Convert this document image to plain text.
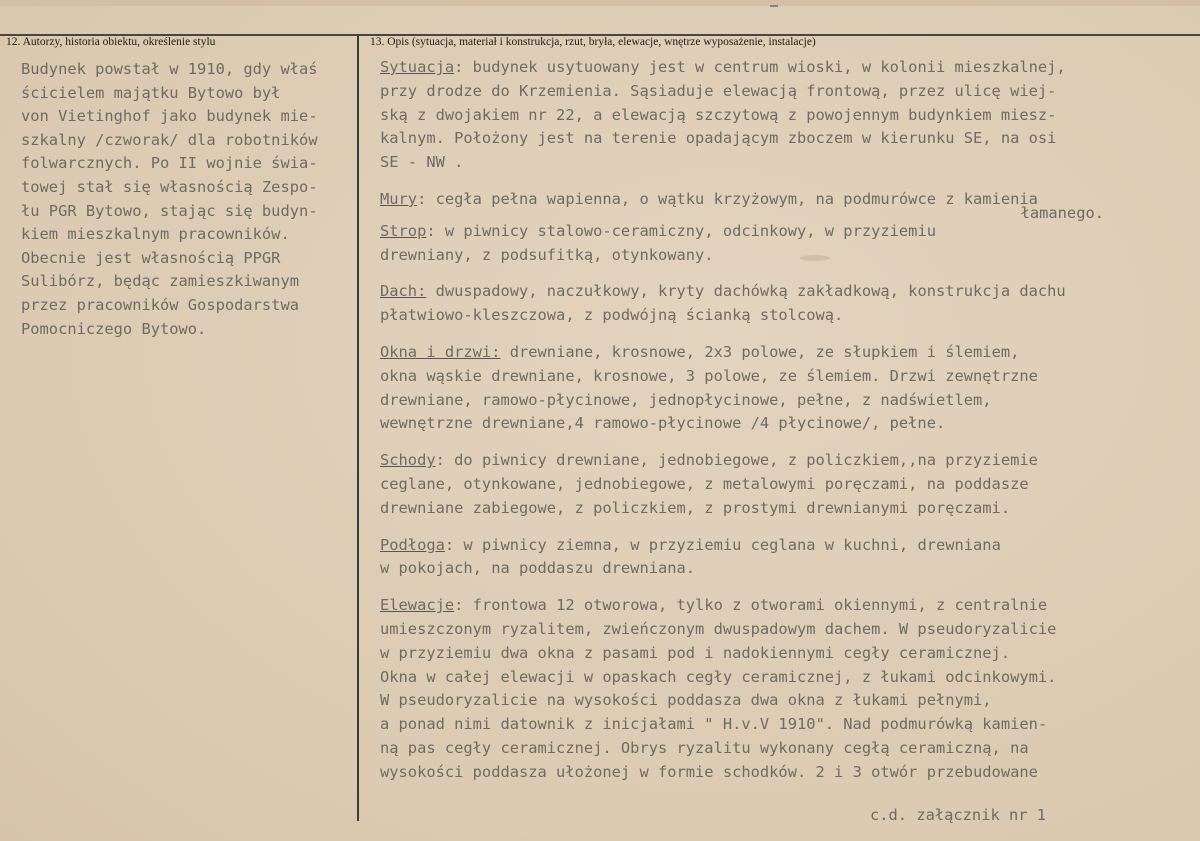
12. Autorzy, historia obiektu, określenie stylu	13. Opis (sytuacja, materiał i konstrukcja, rzut, bryła, elewacje, wnętrze wyposażenie, instalacje)
Budynek powstał w 1910, gdy właś
ścicielem majątku Bytowo był
von Vietinghof jako budynek mie-
szkalny /czworak/ dla robotników
folwarcznych. Po II wojnie świa-
towej stał się własnością Zespo-
łu PGR Bytowo, stając się budyn-
kiem mieszkalnym pracowników.
Obecnie jest własnością PPGR
Sulibórz, będąc zamieszkiwanym
przez pracowników Gospodarstwa
Pomocniczego Bytowo.
Sytuacja: budynek usytuowany jest w centrum wioski, w kolonii mieszkalnej,
przy drodze do Krzemienia. Sąsiaduje elewacją frontową, przez ulicę wiej-
ską z dwojakiem nr 22, a elewacją szczytową z powojennym budynkiem miesz-
kalnym. Położony jest na terenie opadającym zboczem w kierunku SE, na osi
SE - NW .
Mury: cegła pełna wapienna, o wątku krzyżowym, na podmurówce z kamienia
łamanego.
Strop: w piwnicy stalowo-ceramiczny, odcinkowy, w przyziemiu
drewniany, z podsufitką, otynkowany.
Dach: dwuspadowy, naczułkowy, kryty dachówką zakładkową, konstrukcja dachu
płatwiowo-kleszczowa, z podwójną ścianką stolcową.
Okna i drzwi: drewniane, krosnowe, 2x3 polowe, ze słupkiem i ślemiem,
okna wąskie drewniane, krosnowe, 3 polowe, ze ślemiem. Drzwi zewnętrzne
drewniane, ramowo-płycinowe, jednopłycinowe, pełne, z nadświetlem,
wewnętrzne drewniane,4 ramowo-płycinowe /4 płycinowe/, pełne.
Schody: do piwnicy drewniane, jednobiegowe, z policzkiem,,na przyziemie
ceglane, otynkowane, jednobiegowe, z metalowymi poręczami, na poddasze
drewniane zabiegowe, z policzkiem, z prostymi drewnianymi poręczami.
Podłoga: w piwnicy ziemna, w przyziemiu ceglana w kuchni, drewniana
w pokojach, na poddaszu drewniana.
Elewacje: frontowa 12 otworowa, tylko z otworami okiennymi, z centralnie
umieszczonym ryzalitem, zwieńczonym dwuspadowym dachem. W pseudoryzalicie
w przyziemiu dwa okna z pasami pod i nadokiennymi cegły ceramicznej.
Okna w całej elewacji w opaskach cegły ceramicznej, z łukami odcinkowymi.
W pseudoryzalicie na wysokości poddasza dwa okna z łukami pełnymi,
a ponad nimi datownik z inicjałami " H.v.V 1910". Nad podmurówką kamien-
ną pas cegły ceramicznej. Obrys ryzalitu wykonany cegłą ceramiczną, na
wysokości poddasza ułożonej w formie schodków. 2 i 3 otwór przebudowane
c.d. załącznik nr 1
